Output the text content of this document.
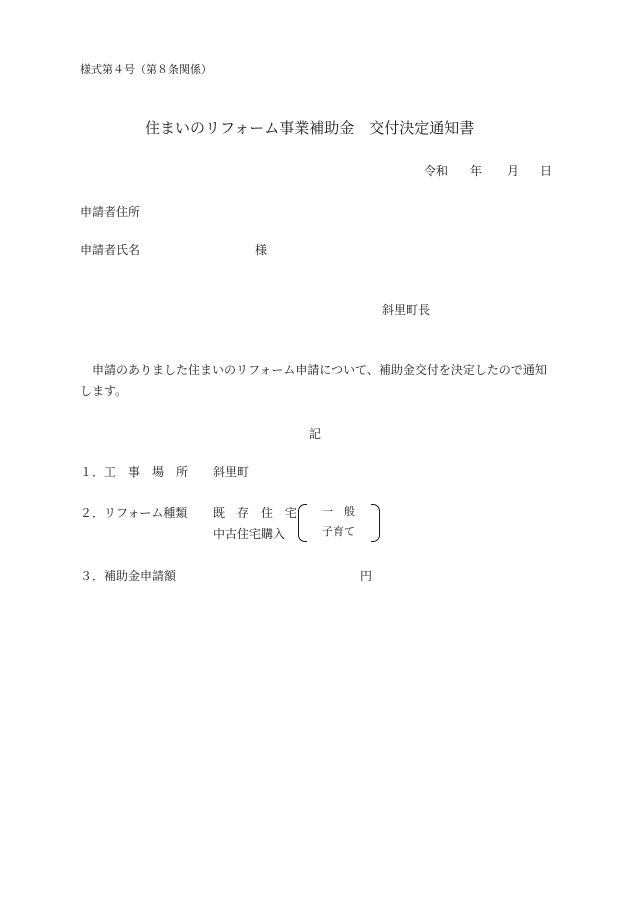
様式第４号（第８条関係）
住まいのリフォーム事業補助金　交付決定通知書
令和 年 月 日
申請者住所
申請者氏名	様
斜里町長
申請のありました住まいのリフォーム申請について、補助金交付を決定したので通知
します。
記
１．工　事　場　所 斜里町
２．リフォーム種類 既　存　住　宅
中古住宅購入
一　般
子育て
３．補助金申請額	円
